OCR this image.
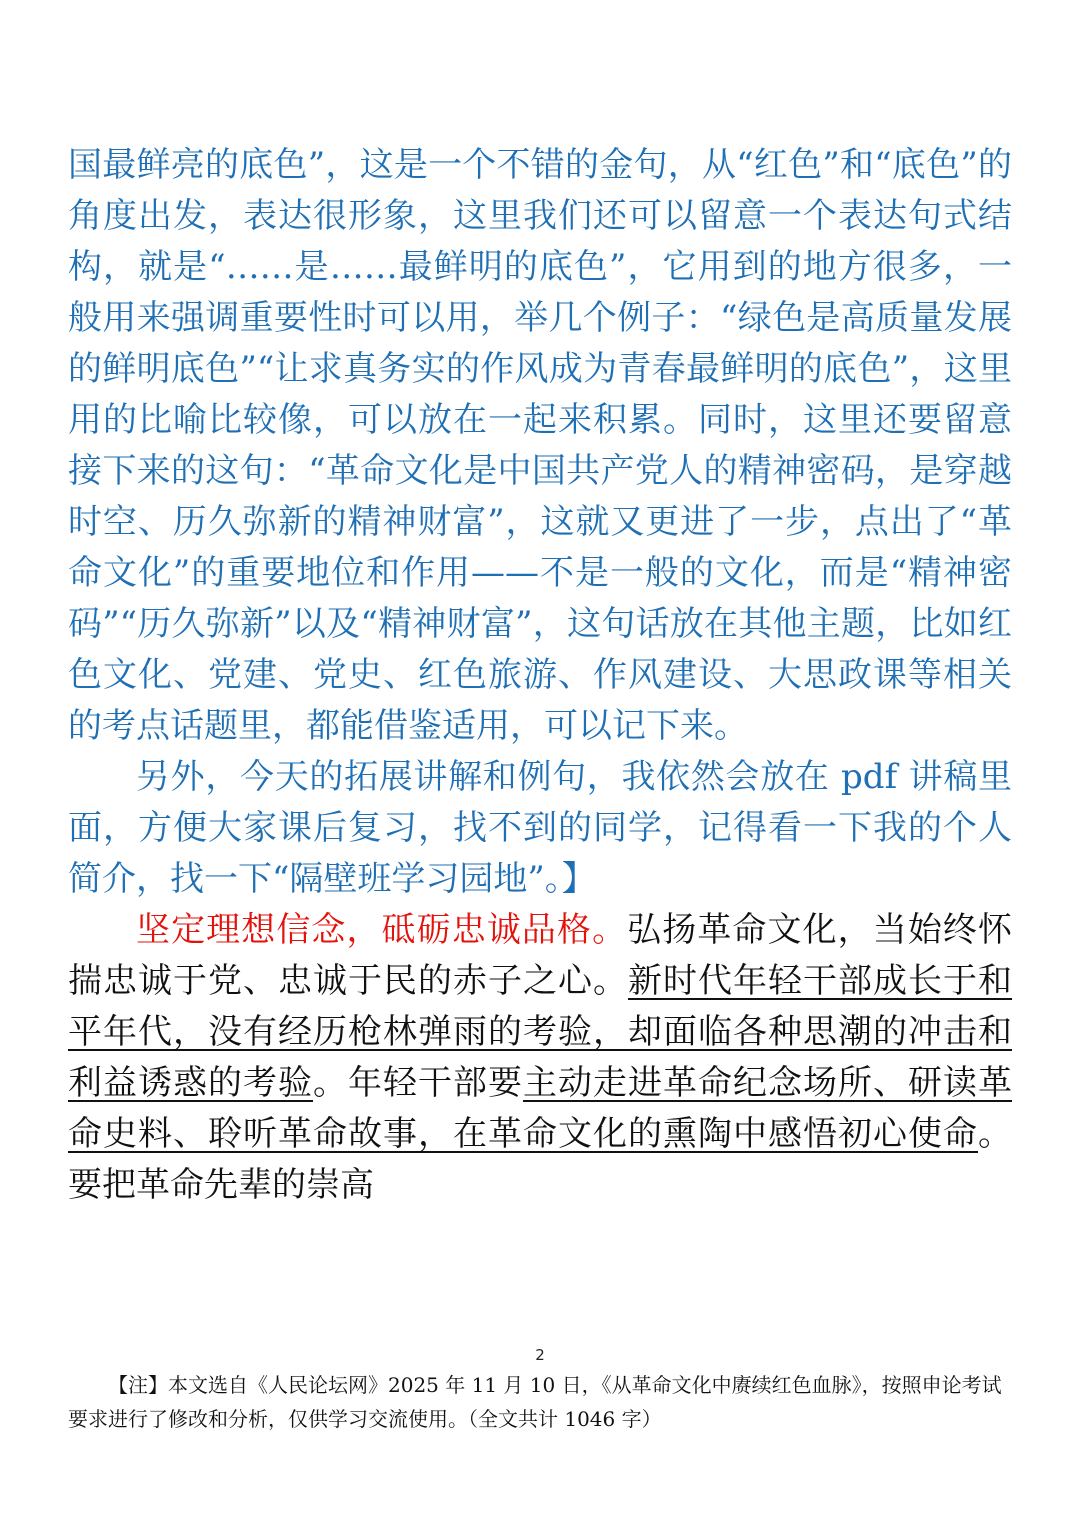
国最鲜亮的底色”，这是一个不错的金句，从“红色”和“底色”的角度出发，表达很形象，这里我们还可以留意一个表达句式结构，就是“……是……最鲜明的底色”，它用到的地方很多，一般用来强调重要性时可以用，举几个例子：“绿色是高质量发展的鲜明底色”“让求真务实的作风成为青春最鲜明的底色”，这里用的比喻比较像，可以放在一起来积累。同时，这里还要留意接下来的这句：“革命文化是中国共产党人的精神密码，是穿越时空、历久弥新的精神财富”，这就又更进了一步，点出了“革命文化”的重要地位和作用——不是一般的文化，而是“精神密码”“历久弥新”以及“精神财富”，这句话放在其他主题，比如红色文化、党建、党史、红色旅游、作风建设、大思政课等相关的考点话题里，都能借鉴适用，可以记下来。

另外，今天的拓展讲解和例句，我依然会放在 pdf 讲稿里面，方便大家课后复习，找不到的同学，记得看一下我的个人简介，找一下“隔壁班学习园地”。】

坚定理想信念，砥砺忠诚品格。弘扬革命文化，当始终怀揣忠诚于党、忠诚于民的赤子之心。新时代年轻干部成长于和平年代，没有经历枪林弹雨的考验，却面临各种思潮的冲击和利益诱惑的考验。年轻干部要主动走进革命纪念场所、研读革命史料、聆听革命故事，在革命文化的熏陶中感悟初心使命。要把革命先辈的崇高

2
【注】本文选自《人民论坛网》2025 年 11 月 10 日，《从革命文化中赓续红色血脉》，按照申论考试要求进行了修改和分析，仅供学习交流使用。（全文共计 1046 字）
